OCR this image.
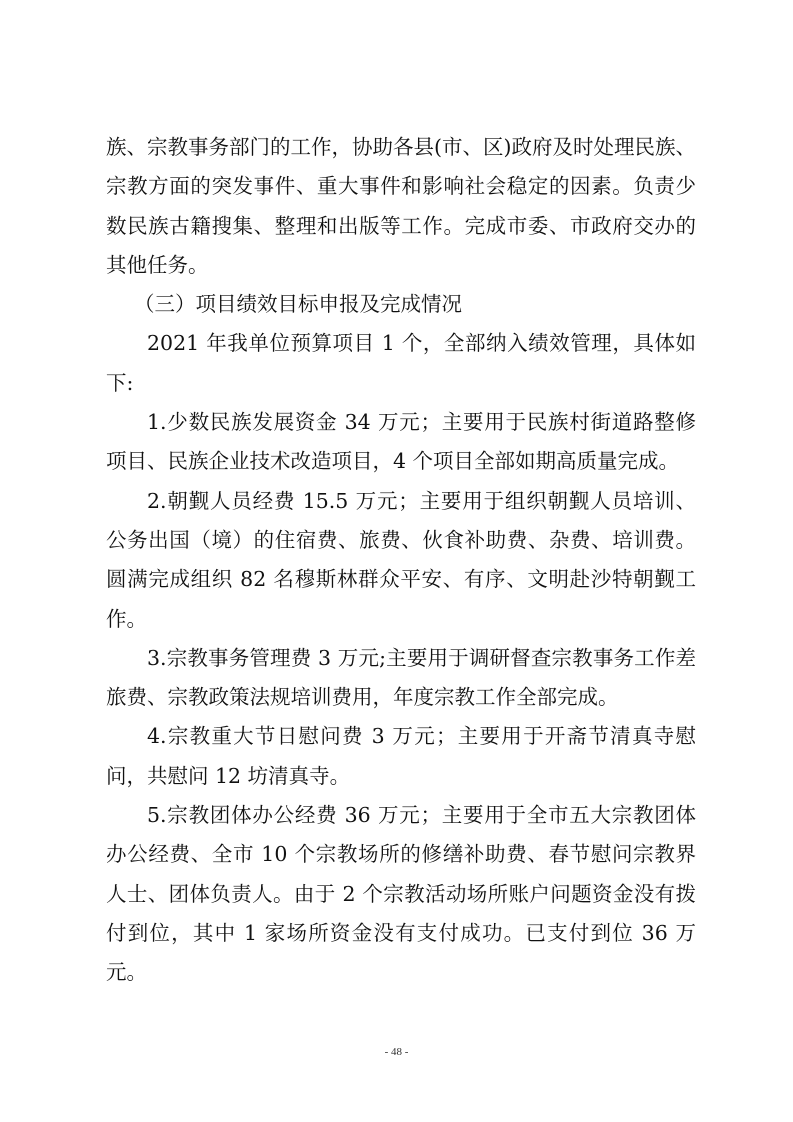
族、宗教事务部门的工作，协助各县(市、区)政府及时处理民族、宗教方面的突发事件、重大事件和影响社会稳定的因素。负责少数民族古籍搜集、整理和出版等工作。完成市委、市政府交办的其他任务。

（三）项目绩效目标申报及完成情况

2021 年我单位预算项目 1 个，全部纳入绩效管理，具体如下:

1.少数民族发展资金 34 万元；主要用于民族村街道路整修项目、民族企业技术改造项目，4 个项目全部如期高质量完成。

2.朝觐人员经费 15.5 万元；主要用于组织朝觐人员培训、公务出国（境）的住宿费、旅费、伙食补助费、杂费、培训费。圆满完成组织 82 名穆斯林群众平安、有序、文明赴沙特朝觐工作。

3.宗教事务管理费 3 万元;主要用于调研督查宗教事务工作差旅费、宗教政策法规培训费用，年度宗教工作全部完成。

4.宗教重大节日慰问费 3 万元；主要用于开斋节清真寺慰问，共慰问 12 坊清真寺。

5.宗教团体办公经费 36 万元；主要用于全市五大宗教团体办公经费、全市 10 个宗教场所的修缮补助费、春节慰问宗教界人士、团体负责人。由于 2 个宗教活动场所账户问题资金没有拨付到位，其中 1 家场所资金没有支付成功。已支付到位 36 万元。

- 48 -
